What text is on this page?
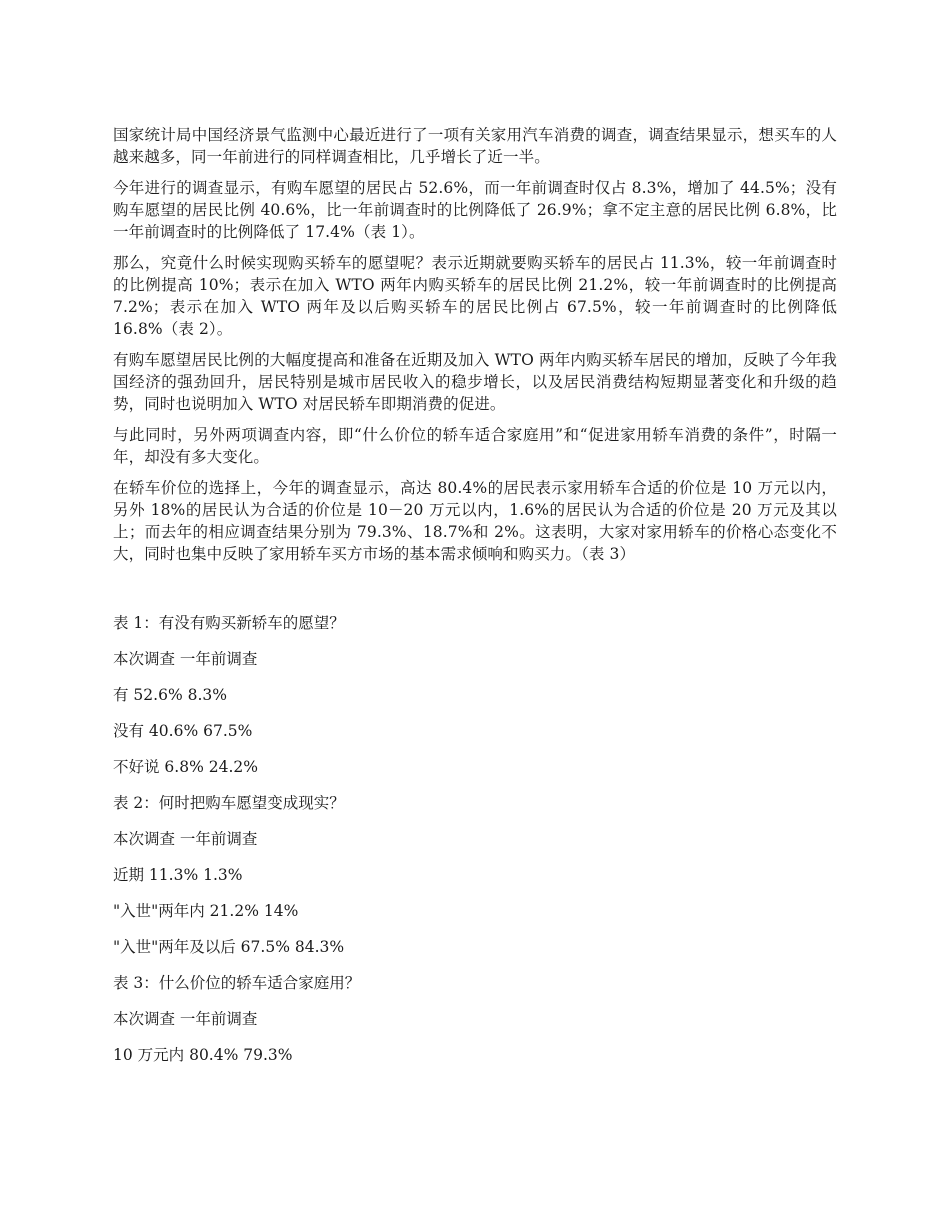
国家统计局中国经济景气监测中心最近进行了一项有关家用汽车消费的调查，调查结果显示，想买车的人越来越多，同一年前进行的同样调查相比，几乎增长了近一半。

今年进行的调查显示，有购车愿望的居民占 52.6%，而一年前调查时仅占 8.3%，增加了 44.5%；没有购车愿望的居民比例 40.6%，比一年前调查时的比例降低了 26.9%；拿不定主意的居民比例 6.8%，比一年前调查时的比例降低了 17.4%（表 1）。

那么，究竟什么时候实现购买轿车的愿望呢？表示近期就要购买轿车的居民占 11.3%，较一年前调查时的比例提高 10%；表示在加入 WTO 两年内购买轿车的居民比例 21.2%，较一年前调查时的比例提高 7.2%；表示在加入 WTO 两年及以后购买轿车的居民比例占 67.5%，较一年前调查时的比例降低 16.8%（表 2）。

有购车愿望居民比例的大幅度提高和准备在近期及加入 WTO 两年内购买轿车居民的增加，反映了今年我国经济的强劲回升，居民特别是城市居民收入的稳步增长，以及居民消费结构短期显著变化和升级的趋势，同时也说明加入 WTO 对居民轿车即期消费的促进。

与此同时，另外两项调查内容，即“什么价位的轿车适合家庭用”和“促进家用轿车消费的条件”，时隔一年，却没有多大变化。

在轿车价位的选择上，今年的调查显示，高达 80.4%的居民表示家用轿车合适的价位是 10 万元以内，另外 18%的居民认为合适的价位是 10－20 万元以内，1.6%的居民认为合适的价位是 20 万元及其以上；而去年的相应调查结果分别为 79.3%、18.7%和 2%。这表明，大家对家用轿车的价格心态变化不大，同时也集中反映了家用轿车买方市场的基本需求倾响和购买力。（表 3）

表 1：有没有购买新轿车的愿望？

本次调查 一年前调查

有 52.6% 8.3%

没有 40.6% 67.5%

不好说 6.8% 24.2%

表 2：何时把购车愿望变成现实？

本次调查 一年前调查

近期 11.3% 1.3%

"入世"两年内 21.2% 14%

"入世"两年及以后 67.5% 84.3%

表 3：什么价位的轿车适合家庭用？

本次调查 一年前调查

10 万元内 80.4% 79.3%
